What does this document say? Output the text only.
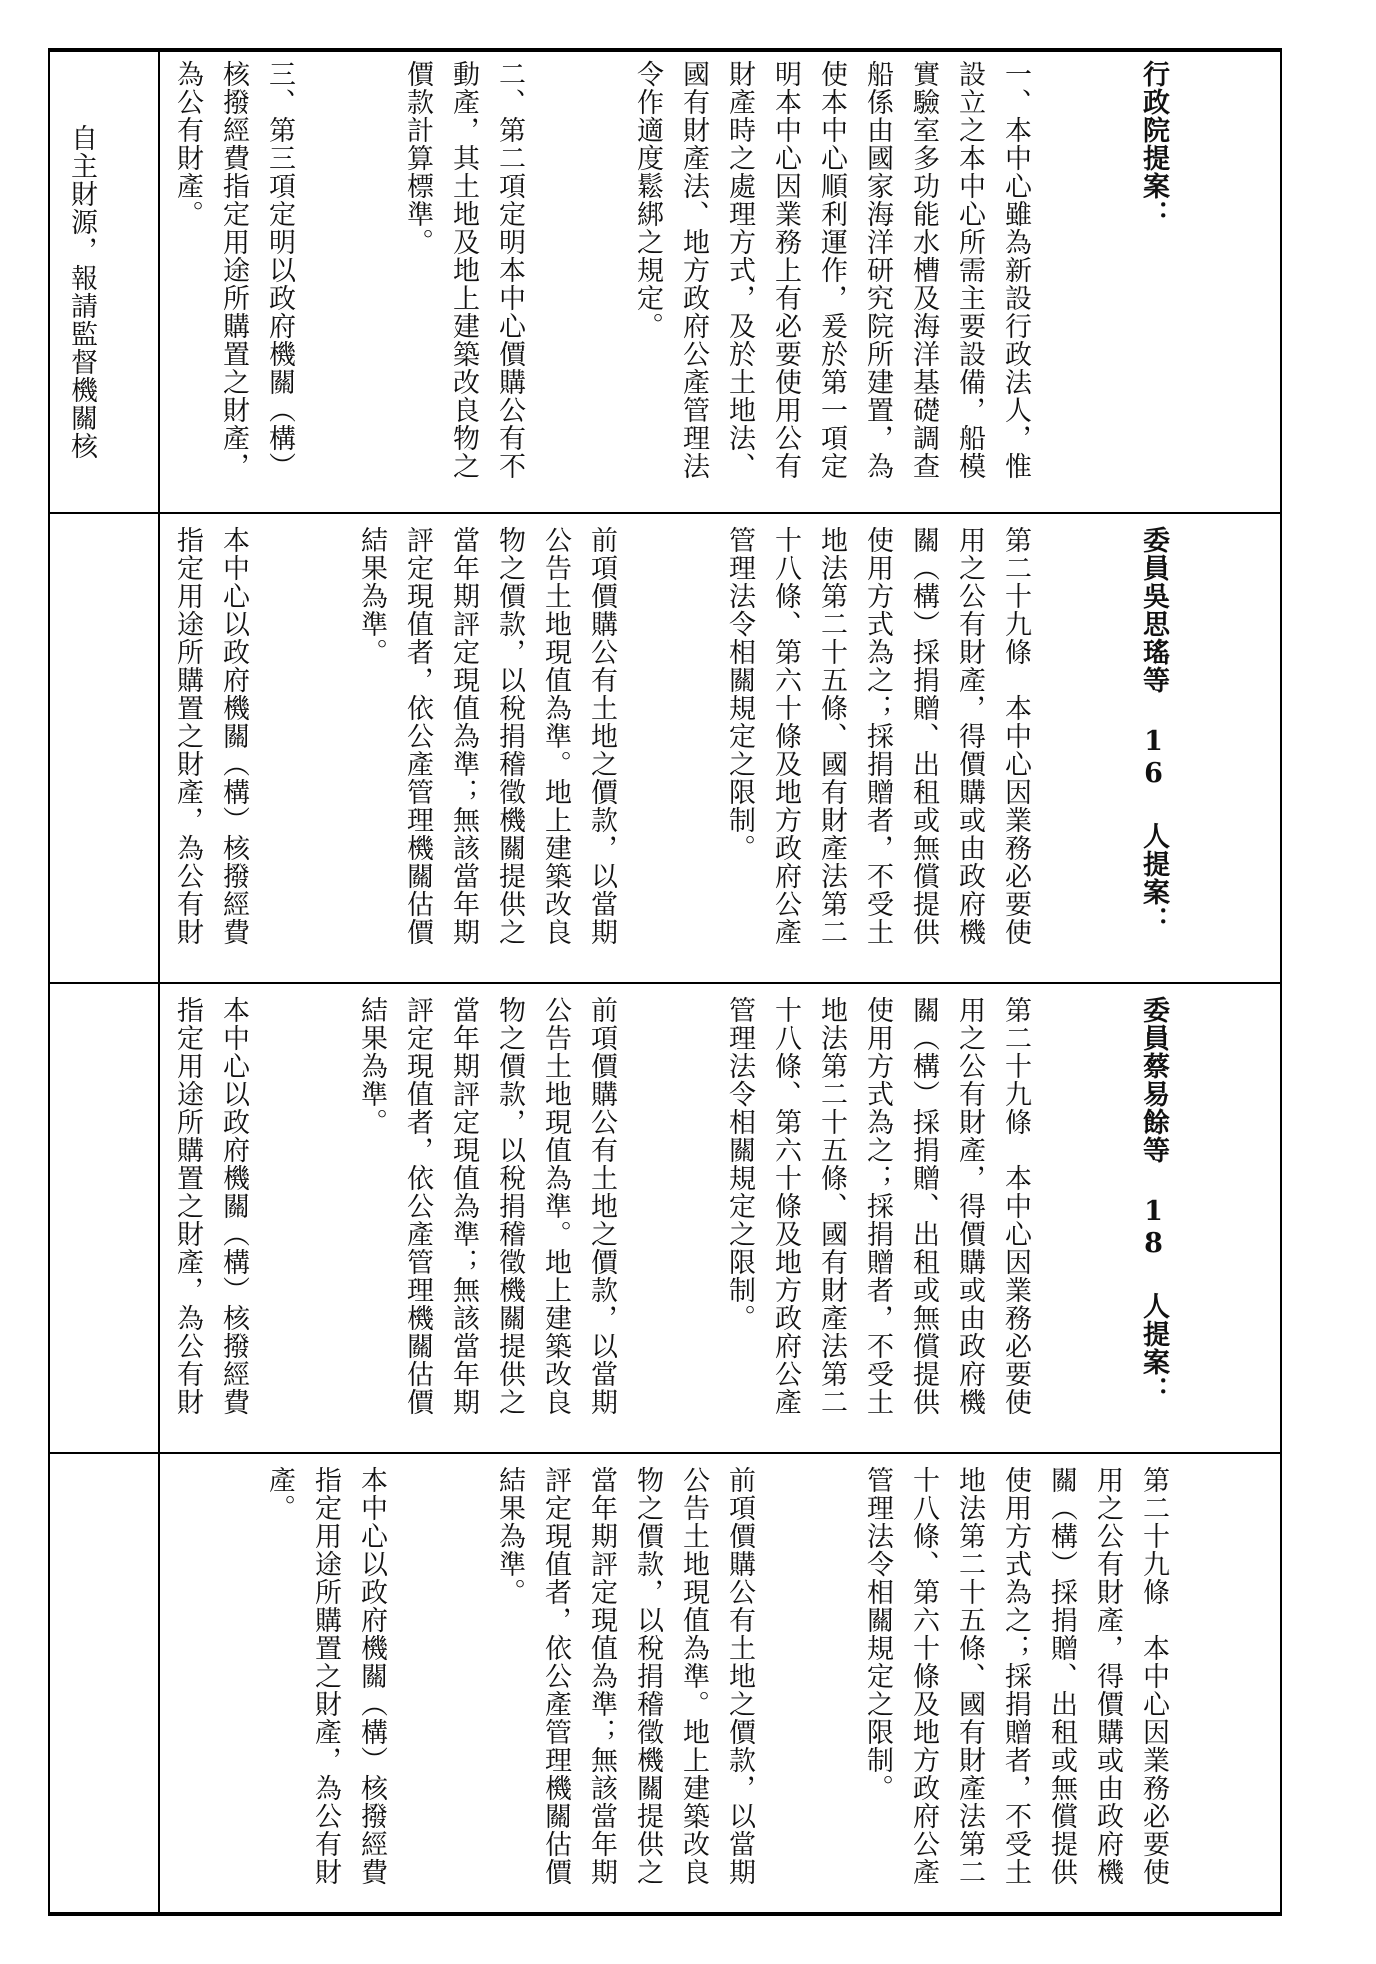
自主財源，報請監督機關核

行政院提案：

一、本中心雖為新設行政法人，惟設立之本中心所需主要設備，船模實驗室多功能水槽及海洋基礎調查船係由國家海洋研究院所建置，為使本中心順利運作，爰於第一項定明本中心因業務上有必要使用公有財產時之處理方式，及於土地法、國有財產法、地方政府公產管理法令作適度鬆綁之規定。

二、第二項定明本中心價購公有不動產，其土地及地上建築改良物之價款計算標準。

三、第三項定明以政府機關（構）核撥經費指定用途所購置之財產，為公有財產。

委員吳思瑤等 16 人提案：

第二十九條　本中心因業務必要使用之公有財產，得價購或由政府機關（構）採捐贈、出租或無償提供使用方式為之；採捐贈者，不受土地法第二十五條、國有財產法第二十八條、第六十條及地方政府公產管理法令相關規定之限制。

前項價購公有土地之價款，以當期公告土地現值為準。地上建築改良物之價款，以稅捐稽徵機關提供之當年期評定現值為準；無該當年期評定現值者，依公產管理機關估價結果為準。

本中心以政府機關（構）核撥經費指定用途所購置之財產，為公有財

委員蔡易餘等 18 人提案：

第二十九條　本中心因業務必要使用之公有財產，得價購或由政府機關（構）採捐贈、出租或無償提供使用方式為之；採捐贈者，不受土地法第二十五條、國有財產法第二十八條、第六十條及地方政府公產管理法令相關規定之限制。

前項價購公有土地之價款，以當期公告土地現值為準。地上建築改良物之價款，以稅捐稽徵機關提供之當年期評定現值為準；無該當年期評定現值者，依公產管理機關估價結果為準。

本中心以政府機關（構）核撥經費指定用途所購置之財產，為公有財

第二十九條　本中心因業務必要使用之公有財產，得價購或由政府機關（構）採捐贈、出租或無償提供使用方式為之；採捐贈者，不受土地法第二十五條、國有財產法第二十八條、第六十條及地方政府公產管理法令相關規定之限制。

前項價購公有土地之價款，以當期公告土地現值為準。地上建築改良物之價款，以稅捐稽徵機關提供之當年期評定現值為準；無該當年期評定現值者，依公產管理機關估價結果為準。

本中心以政府機關（構）核撥經費指定用途所購置之財產，為公有財產。
